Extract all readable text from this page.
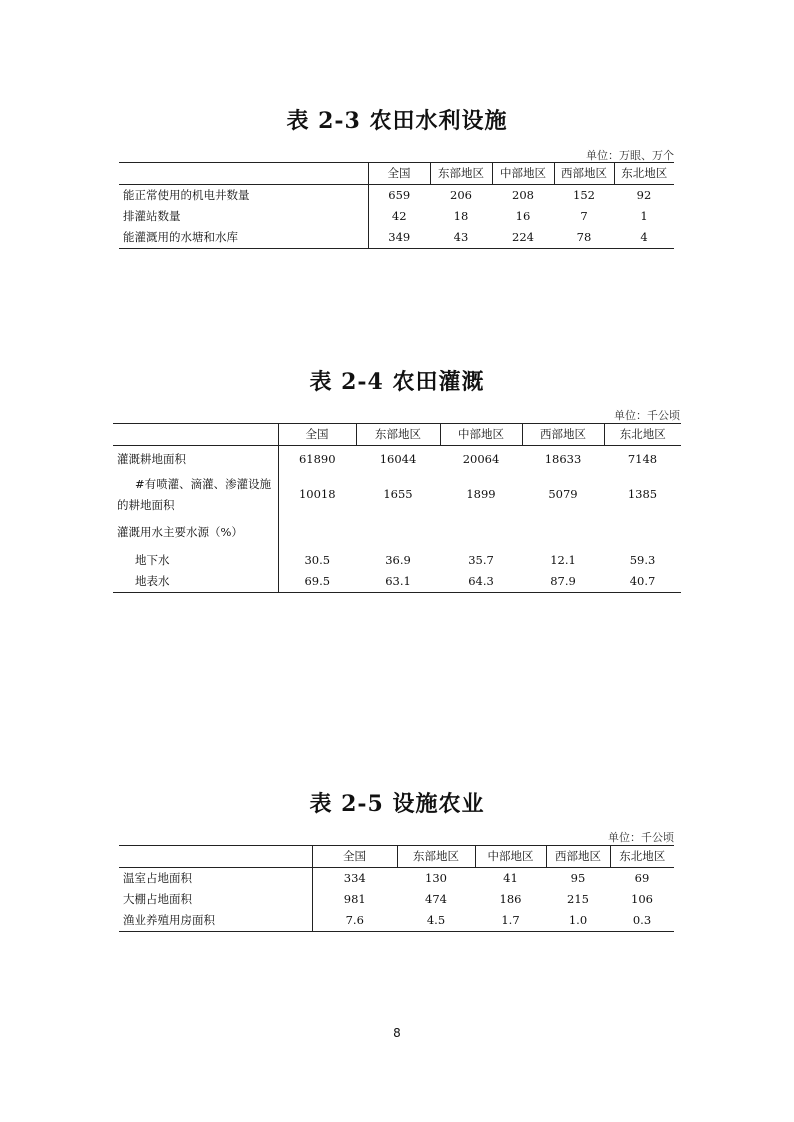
表 2-3 农田水利设施
单位：万眼、万个
	全国	东部地区	中部地区	西部地区	东北地区
能正常使用的机电井数量	659	206	208	152	92
排灌站数量	42	18	16	7	1
能灌溉用的水塘和水库	349	43	224	78	4
表 2-4 农田灌溉
单位：千公顷
	全国	东部地区	中部地区	西部地区	东北地区
灌溉耕地面积	61890	16044	20064	18633	7148
#有喷灌、滴灌、渗灌设施的耕地面积	10018	1655	1899	5079	1385
灌溉用水主要水源（%）					
地下水	30.5	36.9	35.7	12.1	59.3
地表水	69.5	63.1	64.3	87.9	40.7
表 2-5 设施农业
单位：千公顷
	全国	东部地区	中部地区	西部地区	东北地区
温室占地面积	334	130	41	95	69
大棚占地面积	981	474	186	215	106
渔业养殖用房面积	7.6	4.5	1.7	1.0	0.3
8
